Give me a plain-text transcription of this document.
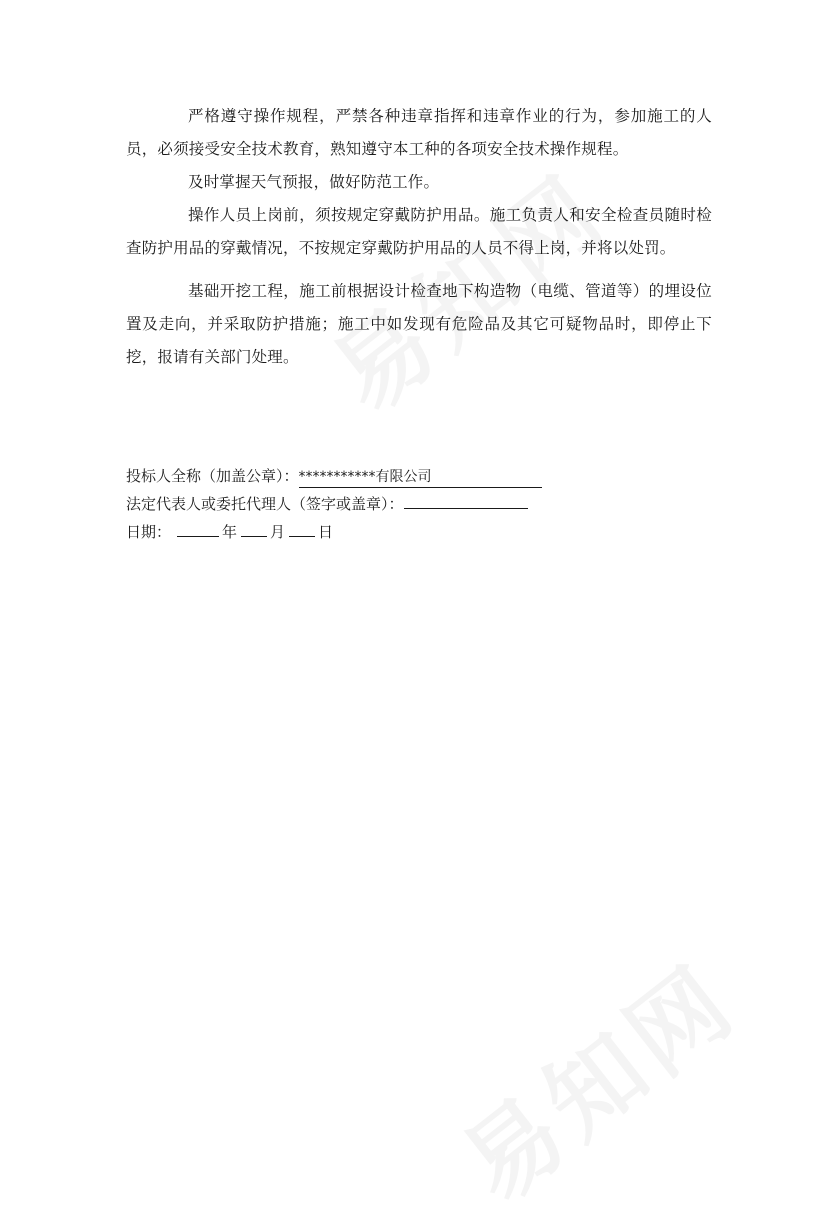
严格遵守操作规程，严禁各种违章指挥和违章作业的行为，参加施工的人员，必须接受安全技术教育，熟知遵守本工种的各项安全技术操作规程。

及时掌握天气预报，做好防范工作。

操作人员上岗前，须按规定穿戴防护用品。施工负责人和安全检查员随时检查防护用品的穿戴情况，不按规定穿戴防护用品的人员不得上岗，并将以处罚。

基础开挖工程，施工前根据设计检查地下构造物（电缆、管道等）的埋设位置及走向，并采取防护措施；施工中如发现有危险品及其它可疑物品时，即停止下挖，报请有关部门处理。

投标人全称（加盖公章）： ***********有限公司
法定代表人或委托代理人（签字或盖章）：
日期：	年 月 日
